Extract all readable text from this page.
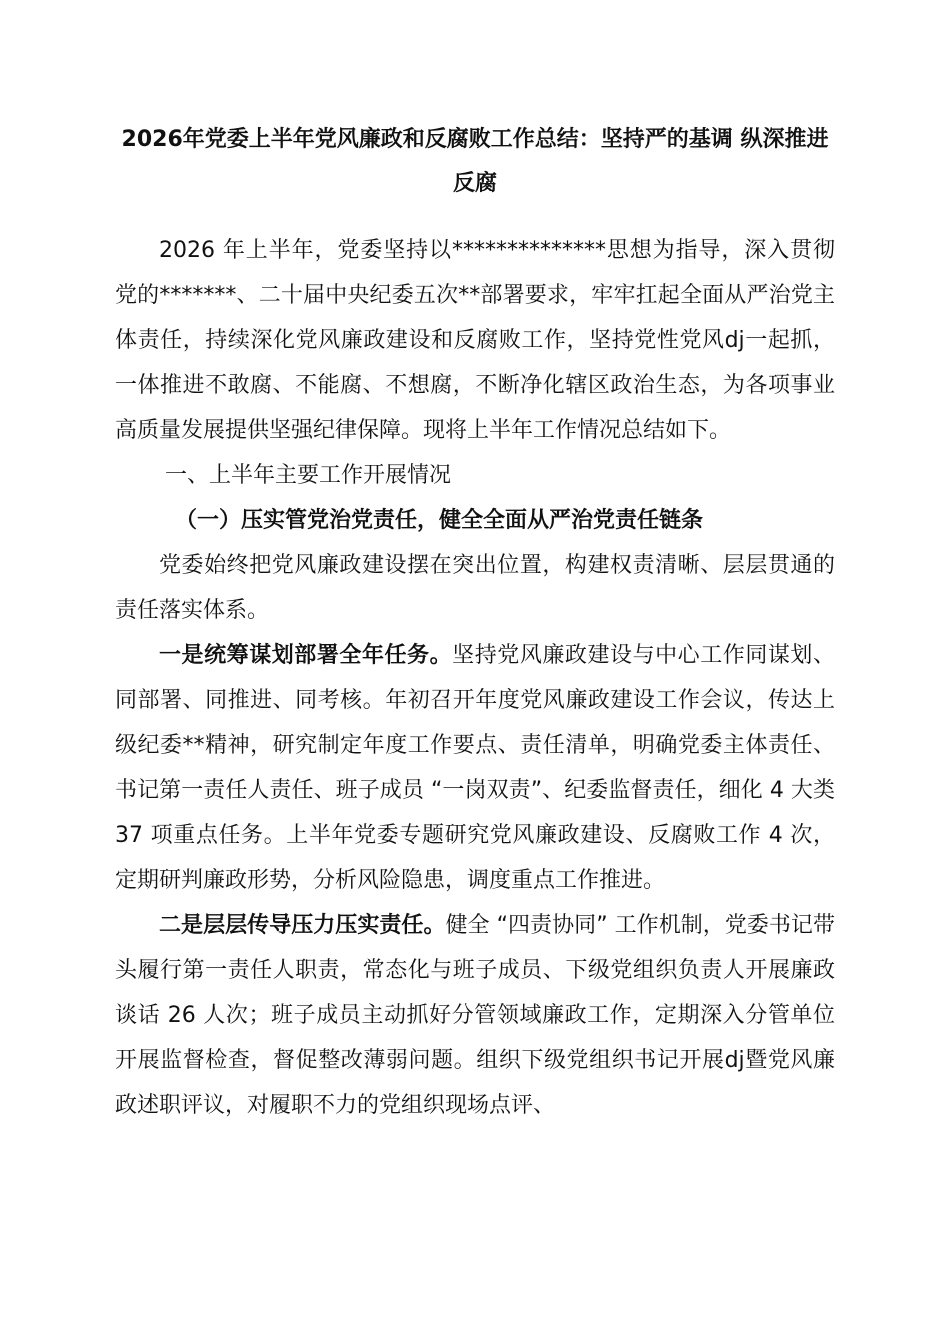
2026年党委上半年党风廉政和反腐败工作总结：坚持严的基调 纵深推进反腐

2026 年上半年，党委坚持以**************思想为指导，深入贯彻党的*******、二十届中央纪委五次**部署要求，牢牢扛起全面从严治党主体责任，持续深化党风廉政建设和反腐败工作，坚持党性党风dj一起抓，一体推进不敢腐、不能腐、不想腐，不断净化辖区政治生态，为各项事业高质量发展提供坚强纪律保障。现将上半年工作情况总结如下。

一、上半年主要工作开展情况

（一）压实管党治党责任，健全全面从严治党责任链条

党委始终把党风廉政建设摆在突出位置，构建权责清晰、层层贯通的责任落实体系。

一是统筹谋划部署全年任务。坚持党风廉政建设与中心工作同谋划、同部署、同推进、同考核。年初召开年度党风廉政建设工作会议，传达上级纪委**精神，研究制定年度工作要点、责任清单，明确党委主体责任、书记第一责任人责任、班子成员 “一岗双责”、纪委监督责任，细化 4 大类 37 项重点任务。上半年党委专题研究党风廉政建设、反腐败工作 4 次，定期研判廉政形势，分析风险隐患，调度重点工作推进。

二是层层传导压力压实责任。健全 “四责协同” 工作机制，党委书记带头履行第一责任人职责，常态化与班子成员、下级党组织负责人开展廉政谈话 26 人次；班子成员主动抓好分管领域廉政工作，定期深入分管单位开展监督检查，督促整改薄弱问题。组织下级党组织书记开展dj暨党风廉政述职评议，对履职不力的党组织现场点评、
